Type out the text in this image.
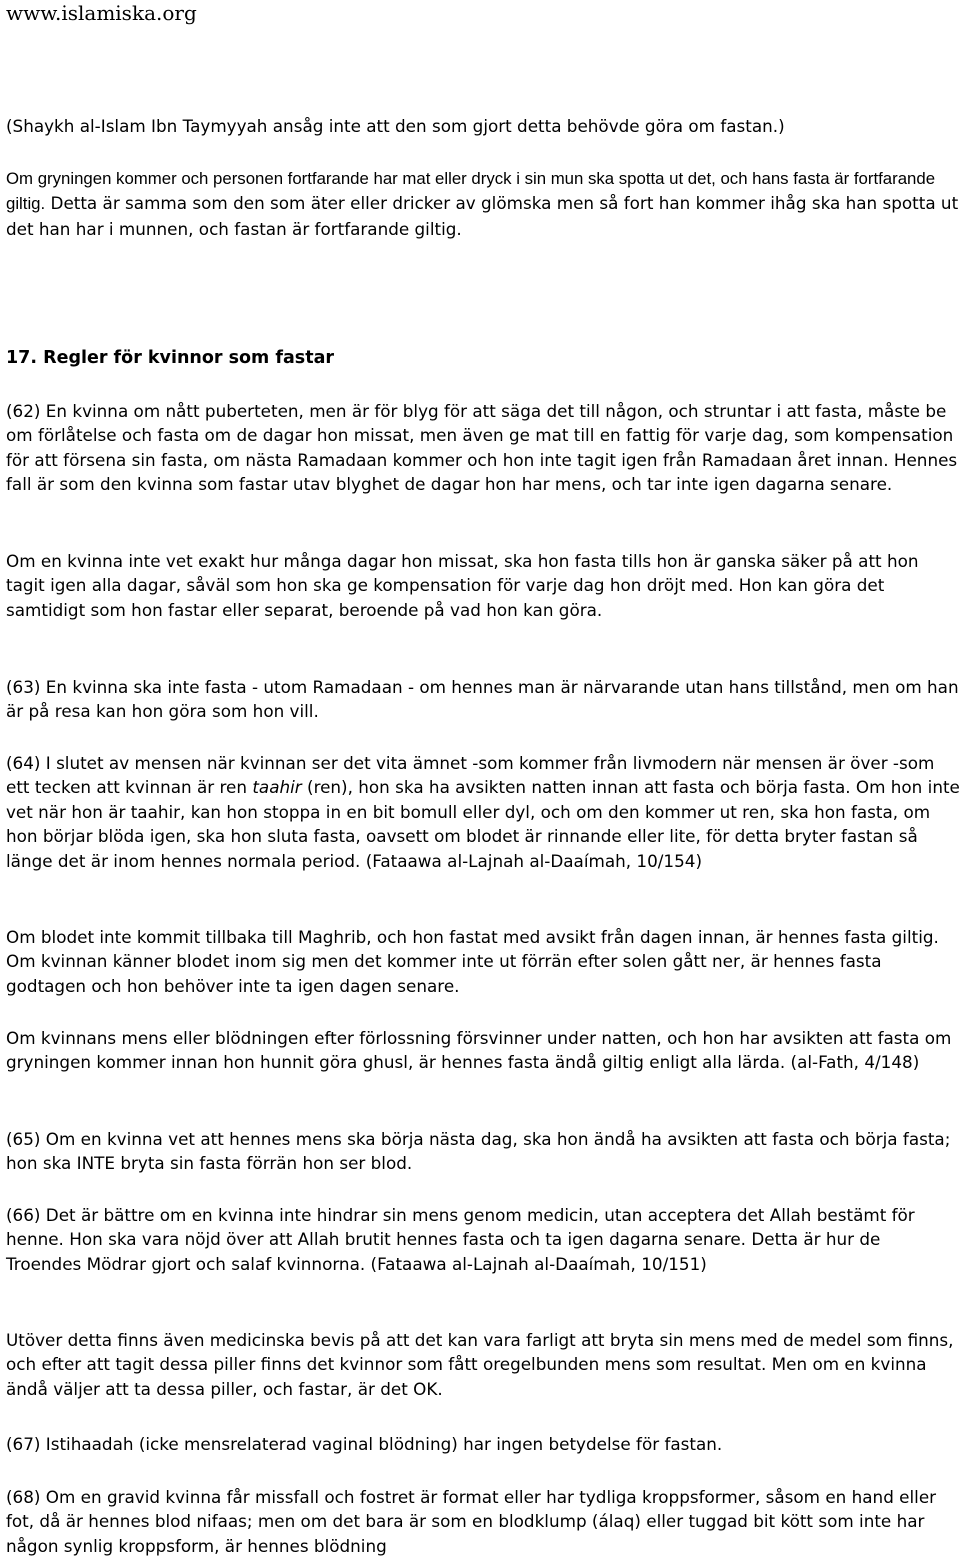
www.islamiska.org

(Shaykh al-Islam Ibn Taymyyah ansåg inte att den som gjort detta behövde göra om fastan.)

Om gryningen kommer och personen fortfarande har mat eller dryck i sin mun ska spotta ut det, och hans fasta är fortfarande giltig. Detta är samma som den som äter eller dricker av glömska men så fort han kommer ihåg ska han spotta ut det han har i munnen, och fastan är fortfarande giltig.

17. Regler för kvinnor som fastar

(62) En kvinna om nått puberteten, men är för blyg för att säga det till någon, och struntar i att fasta, måste be om förlåtelse och fasta om de dagar hon missat, men även ge mat till en fattig för varje dag, som kompensation för att försena sin fasta, om nästa Ramadaan kommer och hon inte tagit igen från Ramadaan året innan. Hennes fall är som den kvinna som fastar utav blyghet de dagar hon har mens, och tar inte igen dagarna senare.

Om en kvinna inte vet exakt hur många dagar hon missat, ska hon fasta tills hon är ganska säker på att hon tagit igen alla dagar, såväl som hon ska ge kompensation för varje dag hon dröjt med. Hon kan göra det samtidigt som hon fastar eller separat, beroende på vad hon kan göra.

(63) En kvinna ska inte fasta - utom Ramadaan - om hennes man är närvarande utan hans tillstånd, men om han är på resa kan hon göra som hon vill.

(64) I slutet av mensen när kvinnan ser det vita ämnet -som kommer från livmodern när mensen är över -som ett tecken att kvinnan är ren taahir (ren), hon ska ha avsikten natten innan att fasta och börja fasta. Om hon inte vet när hon är taahir, kan hon stoppa in en bit bomull eller dyl, och om den kommer ut ren, ska hon fasta, om hon börjar blöda igen, ska hon sluta fasta, oavsett om blodet är rinnande eller lite, för detta bryter fastan så länge det är inom hennes normala period. (Fataawa al-Lajnah al-Daaímah, 10/154)

Om blodet inte kommit tillbaka till Maghrib, och hon fastat med avsikt från dagen innan, är hennes fasta giltig. Om kvinnan känner blodet inom sig men det kommer inte ut förrän efter solen gått ner, är hennes fasta godtagen och hon behöver inte ta igen dagen senare.

Om kvinnans mens eller blödningen efter förlossning försvinner under natten, och hon har avsikten att fasta om gryningen kommer innan hon hunnit göra ghusl, är hennes fasta ändå giltig enligt alla lärda. (al-Fath, 4/148)

(65) Om en kvinna vet att hennes mens ska börja nästa dag, ska hon ändå ha avsikten att fasta och börja fasta; hon ska INTE bryta sin fasta förrän hon ser blod.

(66) Det är bättre om en kvinna inte hindrar sin mens genom medicin, utan acceptera det Allah bestämt för henne. Hon ska vara nöjd över att Allah brutit hennes fasta och ta igen dagarna senare. Detta är hur de Troendes Mödrar gjort och salaf kvinnorna. (Fataawa al-Lajnah al-Daaímah, 10/151)

Utöver detta finns även medicinska bevis på att det kan vara farligt att bryta sin mens med de medel som finns, och efter att tagit dessa piller finns det kvinnor som fått oregelbunden mens som resultat. Men om en kvinna ändå väljer att ta dessa piller, och fastar, är det OK.

(67) Istihaadah (icke mensrelaterad vaginal blödning) har ingen betydelse för fastan.

(68) Om en gravid kvinna får missfall och fostret är format eller har tydliga kroppsformer, såsom en hand eller fot, då är hennes blod nifaas; men om det bara är som en blodklump (álaq) eller tuggad bit kött som inte har någon synlig kroppsform, är hennes blödning
